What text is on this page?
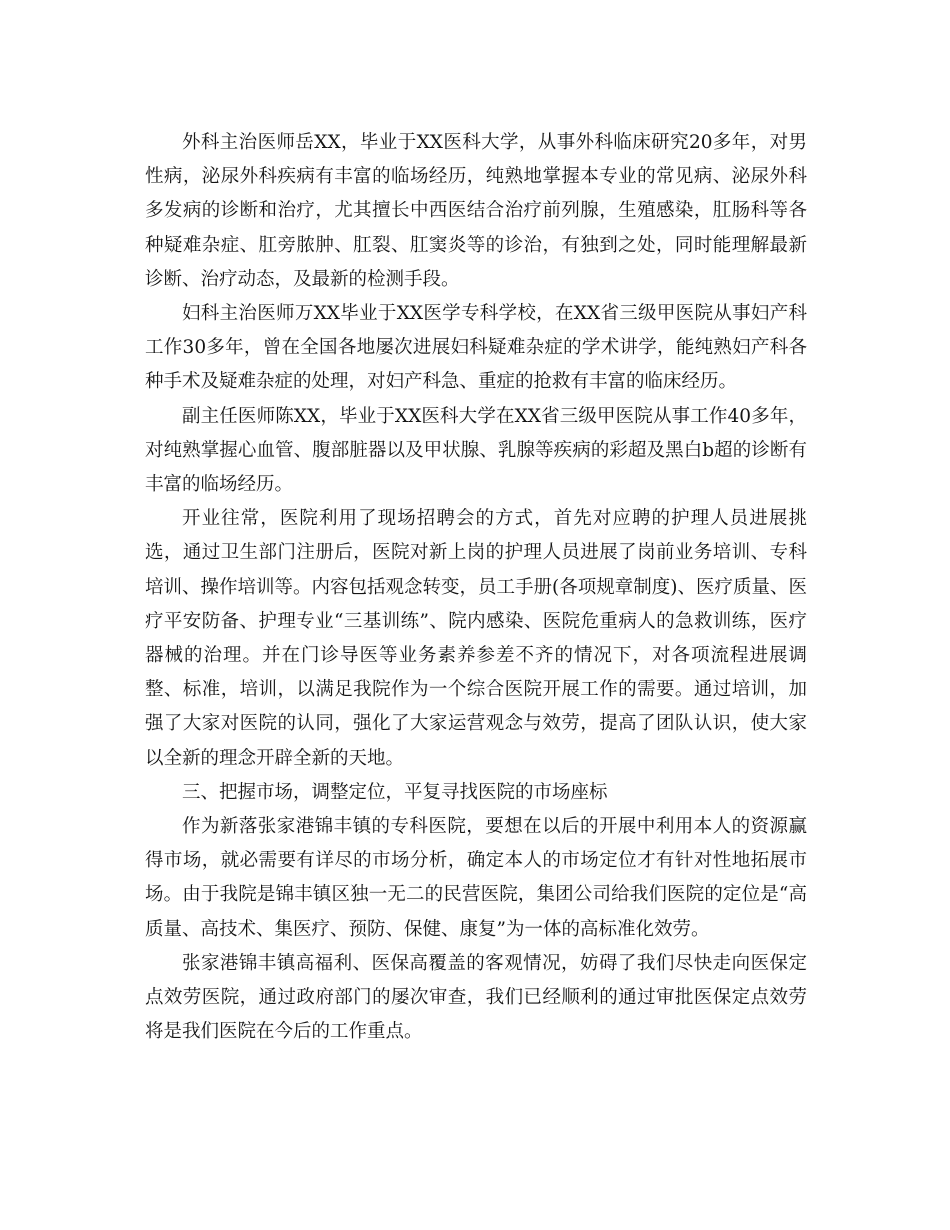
外科主治医师岳XX，毕业于XX医科大学，从事外科临床研究20多年，对男性病，泌尿外科疾病有丰富的临场经历，纯熟地掌握本专业的常见病、泌尿外科多发病的诊断和治疗，尤其擅长中西医结合治疗前列腺，生殖感染，肛肠科等各种疑难杂症、肛旁脓肿、肛裂、肛窦炎等的诊治，有独到之处，同时能理解最新诊断、治疗动态，及最新的检测手段。

妇科主治医师万XX毕业于XX医学专科学校，在XX省三级甲医院从事妇产科工作30多年，曾在全国各地屡次进展妇科疑难杂症的学术讲学，能纯熟妇产科各种手术及疑难杂症的处理，对妇产科急、重症的抢救有丰富的临床经历。

副主任医师陈XX，毕业于XX医科大学在XX省三级甲医院从事工作40多年，对纯熟掌握心血管、腹部脏器以及甲状腺、乳腺等疾病的彩超及黑白b超的诊断有丰富的临场经历。

开业往常，医院利用了现场招聘会的方式，首先对应聘的护理人员进展挑选，通过卫生部门注册后，医院对新上岗的护理人员进展了岗前业务培训、专科培训、操作培训等。内容包括观念转变，员工手册(各项规章制度)、医疗质量、医疗平安防备、护理专业“三基训练”、院内感染、医院危重病人的急救训练，医疗器械的治理。并在门诊导医等业务素养参差不齐的情况下，对各项流程进展调整、标准，培训，以满足我院作为一个综合医院开展工作的需要。通过培训，加强了大家对医院的认同，强化了大家运营观念与效劳，提高了团队认识，使大家以全新的理念开辟全新的天地。

三、把握市场，调整定位，平复寻找医院的市场座标

作为新落张家港锦丰镇的专科医院，要想在以后的开展中利用本人的资源赢得市场，就必需要有详尽的市场分析，确定本人的市场定位才有针对性地拓展市场。由于我院是锦丰镇区独一无二的民营医院，集团公司给我们医院的定位是“高质量、高技术、集医疗、预防、保健、康复”为一体的高标准化效劳。

张家港锦丰镇高福利、医保高覆盖的客观情况，妨碍了我们尽快走向医保定点效劳医院，通过政府部门的屡次审查，我们已经顺利的通过审批医保定点效劳将是我们医院在今后的工作重点。
